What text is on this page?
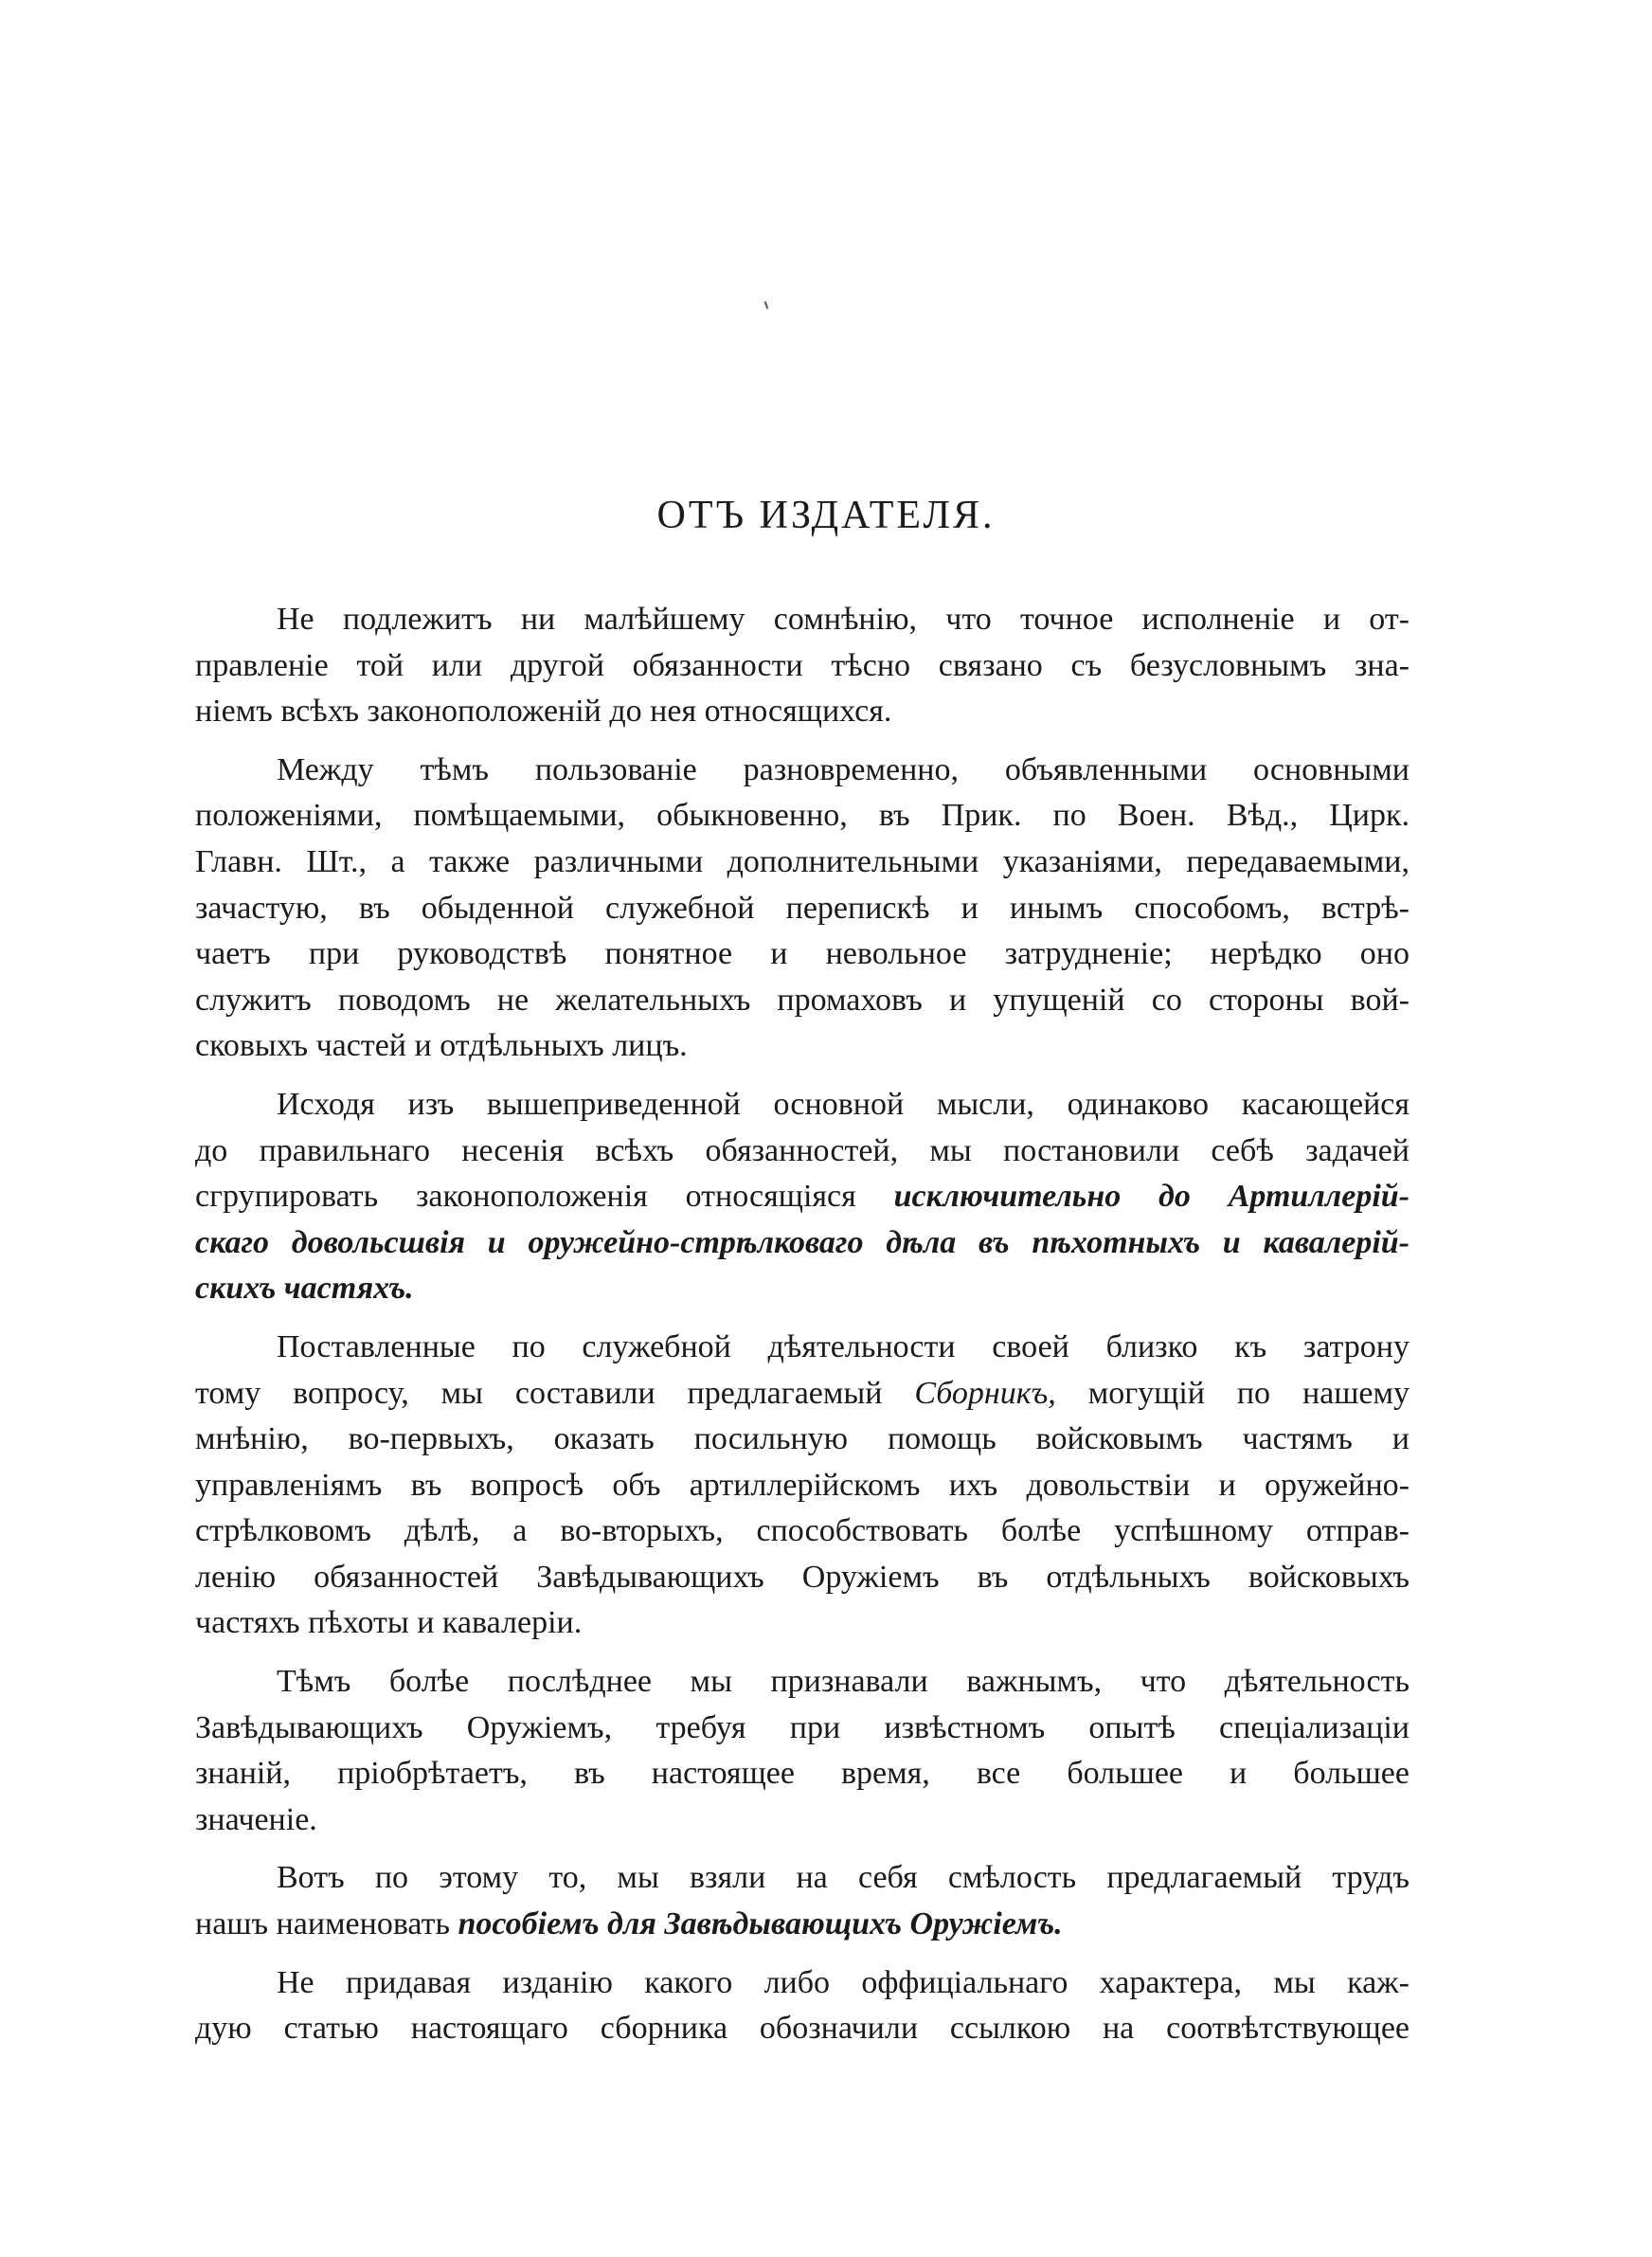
ОТЪ ИЗДАТЕЛЯ.

Не подлежитъ ни малѣйшему сомнѣнію, что точное исполненіе и от-
правленіе той или другой обязанности тѣсно связано съ безусловнымъ зна-
ніемъ всѣхъ законоположеній до нея относящихся.

Между тѣмъ пользованіе разновременно, объявленными основными
положеніями, помѣщаемыми, обыкновенно, въ Прик. по Воен. Вѣд., Цирк.
Главн. Шт., а также различными дополнительными указаніями, передаваемыми,
зачастую, въ обыденной служебной перепискѣ и инымъ способомъ, встрѣ-
чаетъ при руководствѣ понятное и невольное затрудненіе; нерѣдко оно
служитъ поводомъ не желательныхъ промаховъ и упущеній со стороны вой-
сковыхъ частей и отдѣльныхъ лицъ.

Исходя изъ вышеприведенной основной мысли, одинаково касающейся
до правильнаго несенія всѣхъ обязанностей, мы постановили себѣ задачей
сгрупировать законоположенія относящіяся исключительно до Артиллерій-
скаго довольсшвія и оружейно-стрѣлковаго дѣла въ пѣхотныхъ и кавалерій-
скихъ частяхъ.

Поставленные по служебной дѣятельности своей близко къ затрону
тому вопросу, мы составили предлагаемый Сборникъ, могущій по нашему
мнѣнію, во-первыхъ, оказать посильную помощь войсковымъ частямъ и
управленіямъ въ вопросѣ объ артиллерійскомъ ихъ довольствіи и оружейно-
стрѣлковомъ дѣлѣ, а во-вторыхъ, способствовать болѣе успѣшному отправ-
ленію обязанностей Завѣдывающихъ Оружіемъ въ отдѣльныхъ войсковыхъ
частяхъ пѣхоты и кавалеріи.

Тѣмъ болѣе послѣднее мы признавали важнымъ, что дѣятельность
Завѣдывающихъ Оружіемъ, требуя при извѣстномъ опытѣ спеціализаціи
знаній, пріобрѣтаетъ, въ настоящее время, все большее и большее
значеніе.

Вотъ по этому то, мы взяли на себя смѣлость предлагаемый трудъ
нашъ наименовать пособіемъ для Завѣдывающихъ Оружіемъ.

Не придавая изданію какого либо оффиціальнаго характера, мы каж-
дую статью настоящаго сборника обозначили ссылкою на соотвѣтствующее
